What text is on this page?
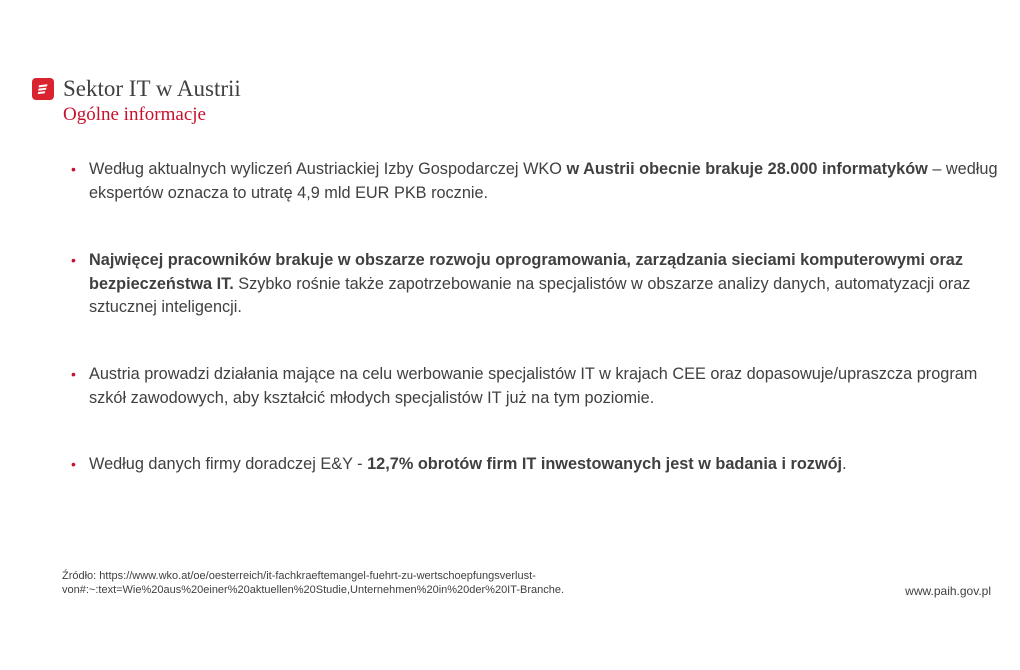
Sektor IT w Austrii
Ogólne informacje
• Według aktualnych wyliczeń Austriackiej Izby Gospodarczej WKO w Austrii obecnie brakuje 28.000 informatyków – według ekspertów oznacza to utratę 4,9 mld EUR PKB rocznie.
• Najwięcej pracowników brakuje w obszarze rozwoju oprogramowania, zarządzania sieciami komputerowymi oraz bezpieczeństwa IT. Szybko rośnie także zapotrzebowanie na specjalistów w obszarze analizy danych, automatyzacji oraz sztucznej inteligencji.
• Austria prowadzi działania mające na celu werbowanie specjalistów IT w krajach CEE oraz dopasowuje/upraszcza program szkół zawodowych, aby kształcić młodych specjalistów IT już na tym poziomie.
• Według danych firmy doradczej E&Y - 12,7% obrotów firm IT inwestowanych jest w badania i rozwój.
Źródło: https://www.wko.at/oe/oesterreich/it-fachkraeftemangel-fuehrt-zu-wertschoepfungsverlust-
von#:~:text=Wie%20aus%20einer%20aktuellen%20Studie,Unternehmen%20in%20der%20IT-Branche.	www.paih.gov.pl
